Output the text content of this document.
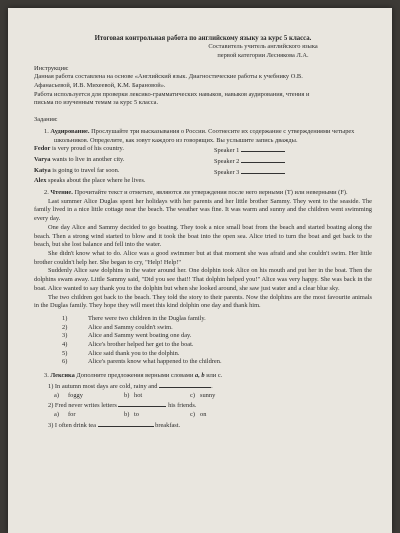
Итоговая контрольная работа по английскому языку за курс 5 класса.
Составитель учитель английского языка
первой категории Леснякова Л.А.
Инструкция:
Данная работа составлена на основе «Английский язык. Диагностические работы к учебнику О.В.
Афанасьевой, И.В. Михеевой, К.М. Барановой».
Работа используется для проверки лексико-грамматических навыков, навыков аудирования, чтения и
письма по изученным темам за курс 5 класса.
Задания:
1. Аудирование. Прослушайте три высказывания о России. Соотнесите их содержание с утверждениями четырех школьников. Определите, как зовут каждого из говорящих. Вы услышите запись дважды.
Fedor is very proud of his country.	Speaker 1
Varya wants to live in another city.	Speaker 2
Katya is going to travel far soon.	Speaker 3
Alex speaks about the place where he lives.
2. Чтение. Прочитайте текст и отметьте, являются ли утверждения после него верными (T) или неверными (F).

Last summer Alice Duglas spent her holidays with her parents and her little brother Sammy. They went to the seaside. The family lived in a nice little cottage near the beach. The weather was fine. It was warm and sunny and the children went swimming every day.

One day Alice and Sammy decided to go boating. They took a nice small boat from the beach and started boating along the beach. Then a strong wind started to blow and it took the boat into the open sea. Alice tried to turn the boat and get back to the beach, but she lost balance and fell into the water.

She didn't know what to do. Alice was a good swimmer but at that moment she was afraid and she couldn't swim. Her little brother couldn't help her. She began to cry, "Help! Help!"

Suddenly Alice saw dolphins in the water around her. One dolphin took Alice on his mouth and put her in the boat. Then the dolphins swam away. Little Sammy said, "Did you see that!! That dolphin helped you!" Alice was very happy. She was back in the boat. Alice wanted to say thank you to the dolphin but when she looked around, she saw just water and a clear blue sky.

The two children got back to the beach. They told the story to their parents. Now the dolphins are the most favourite animals in the Duglas family. They hope they will meet this kind dolphin one day and thank him.

1)	There were two children in the Duglas family.
2)	Alice and Sammy couldn't swim.
3)	Alice and Sammy went boating one day.
4)	Alice's brother helped her get to the boat.
5)	Alice said thank you to the dolphin.
6)	Alice's parents know what happened to the children.
3. Лексика Дополните предложения верными словами a, b или c.
1) In autumn most days are cold, rainy and	.
a)	foggy	b) hot	c) sunny
2) Fred never writes letters	his friends.
a)	for	b) to	c) on
3) I often drink tea	breakfast.
